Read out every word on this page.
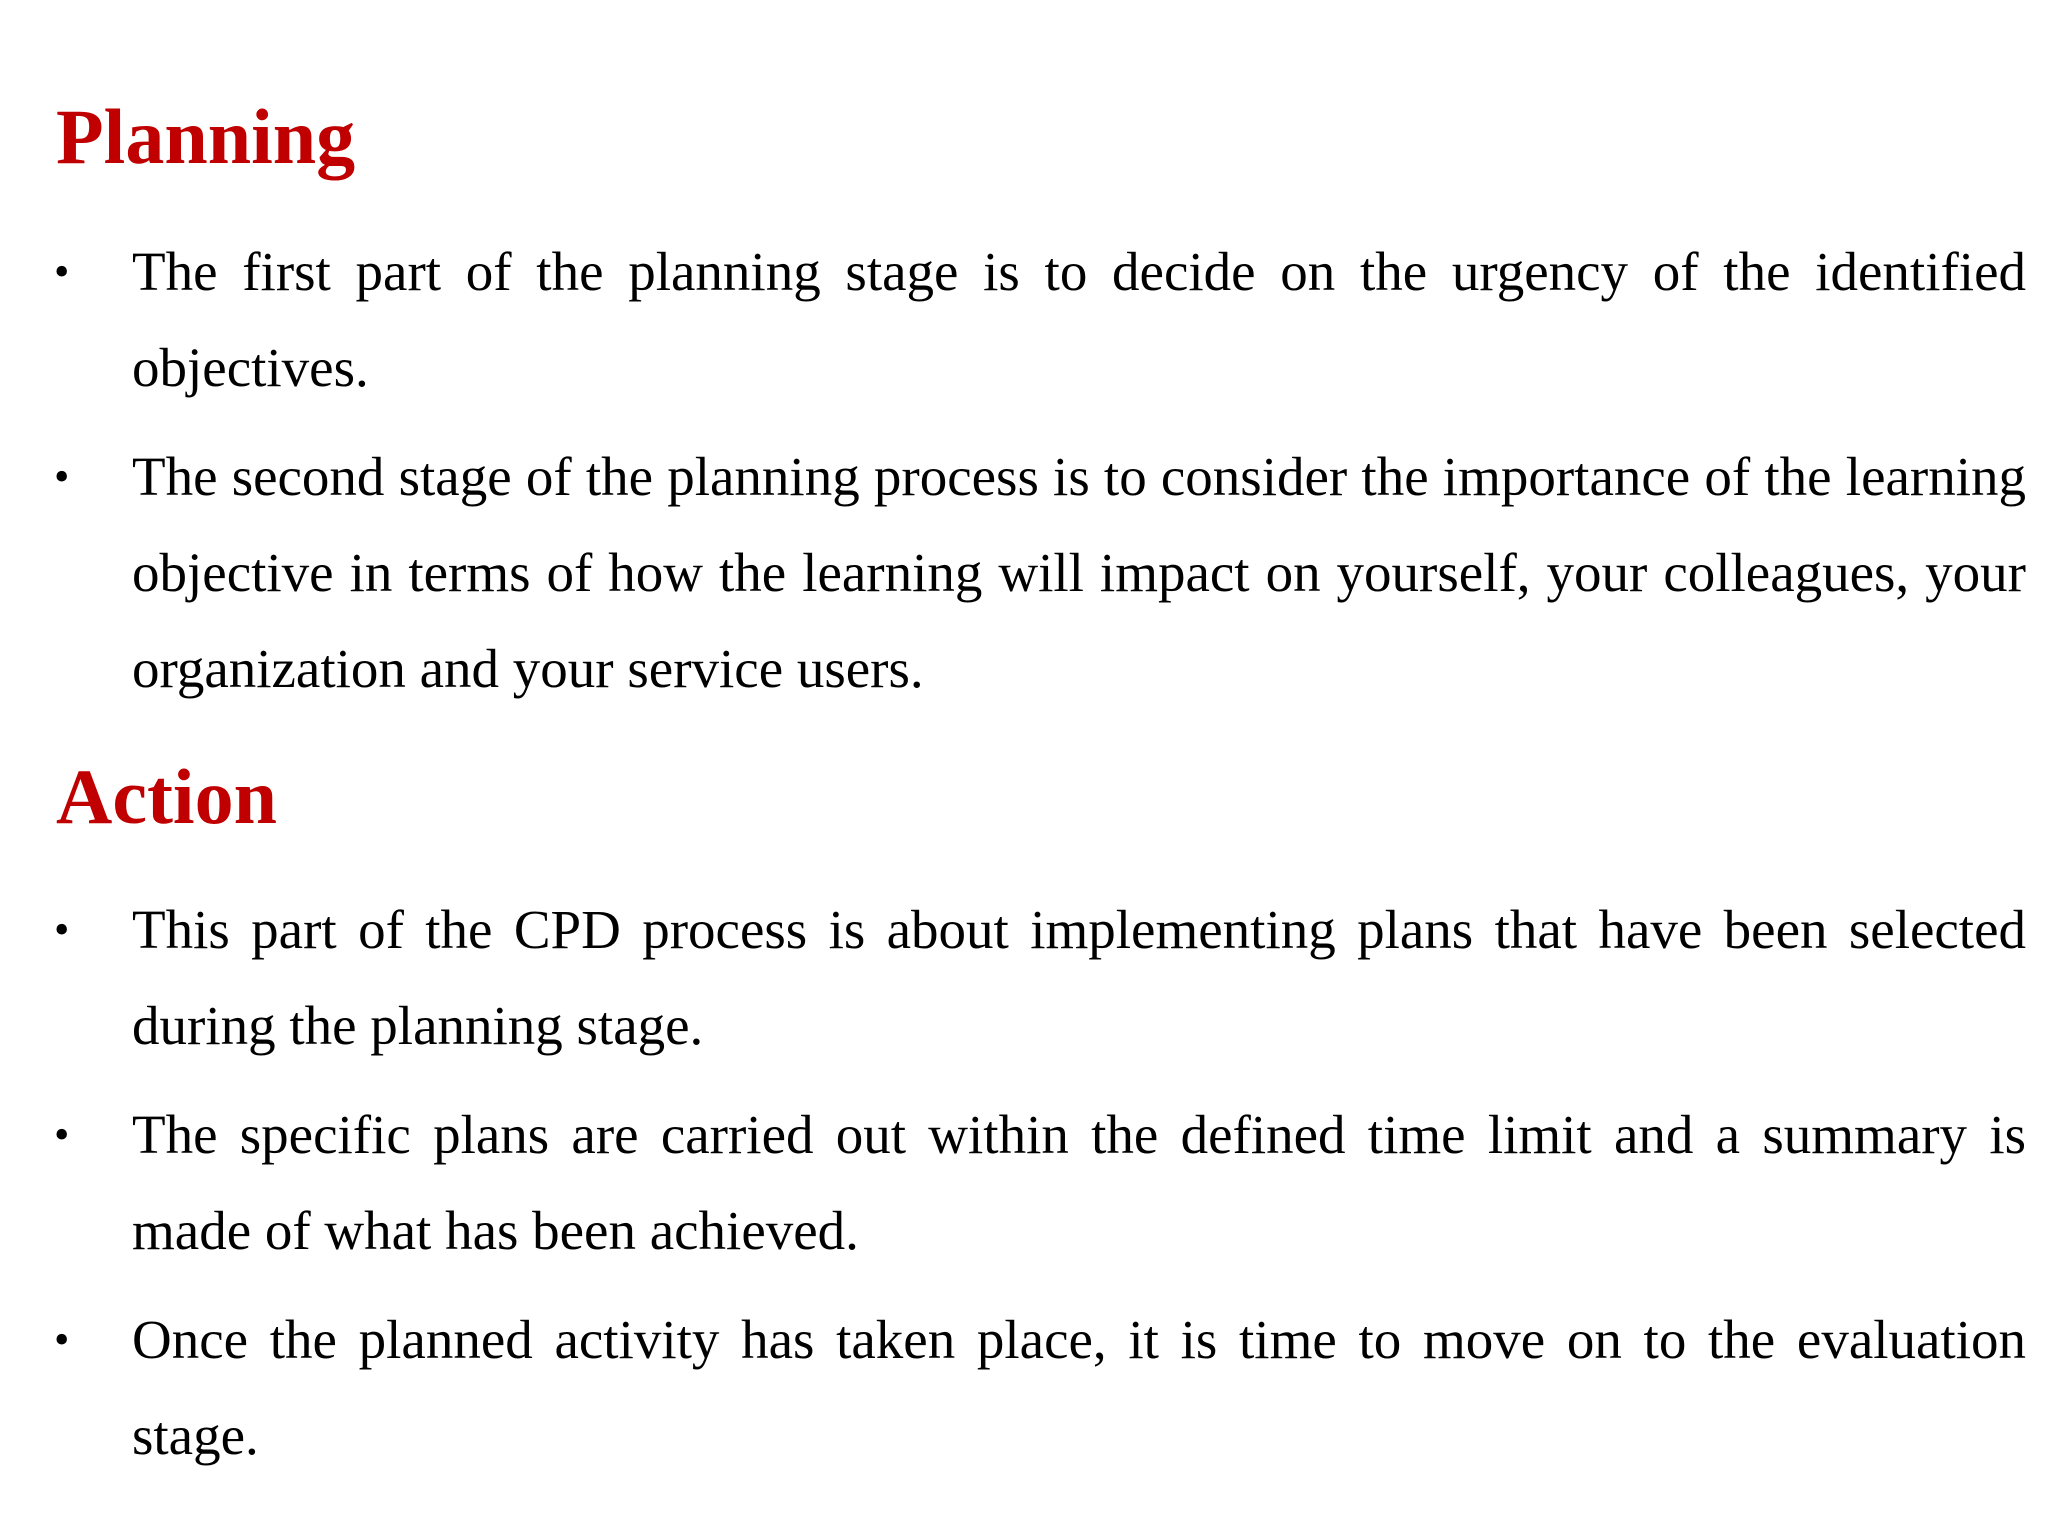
Planning
• The first part of the planning stage is to decide on the urgency of the identified objectives.
• The second stage of the planning process is to consider the importance of the learning objective in terms of how the learning will impact on yourself, your colleagues, your organization and your service users.
Action
• This part of the CPD process is about implementing plans that have been selected during the planning stage.
• The specific plans are carried out within the defined time limit and a summary is made of what has been achieved.
• Once the planned activity has taken place, it is time to move on to the evaluation stage.
